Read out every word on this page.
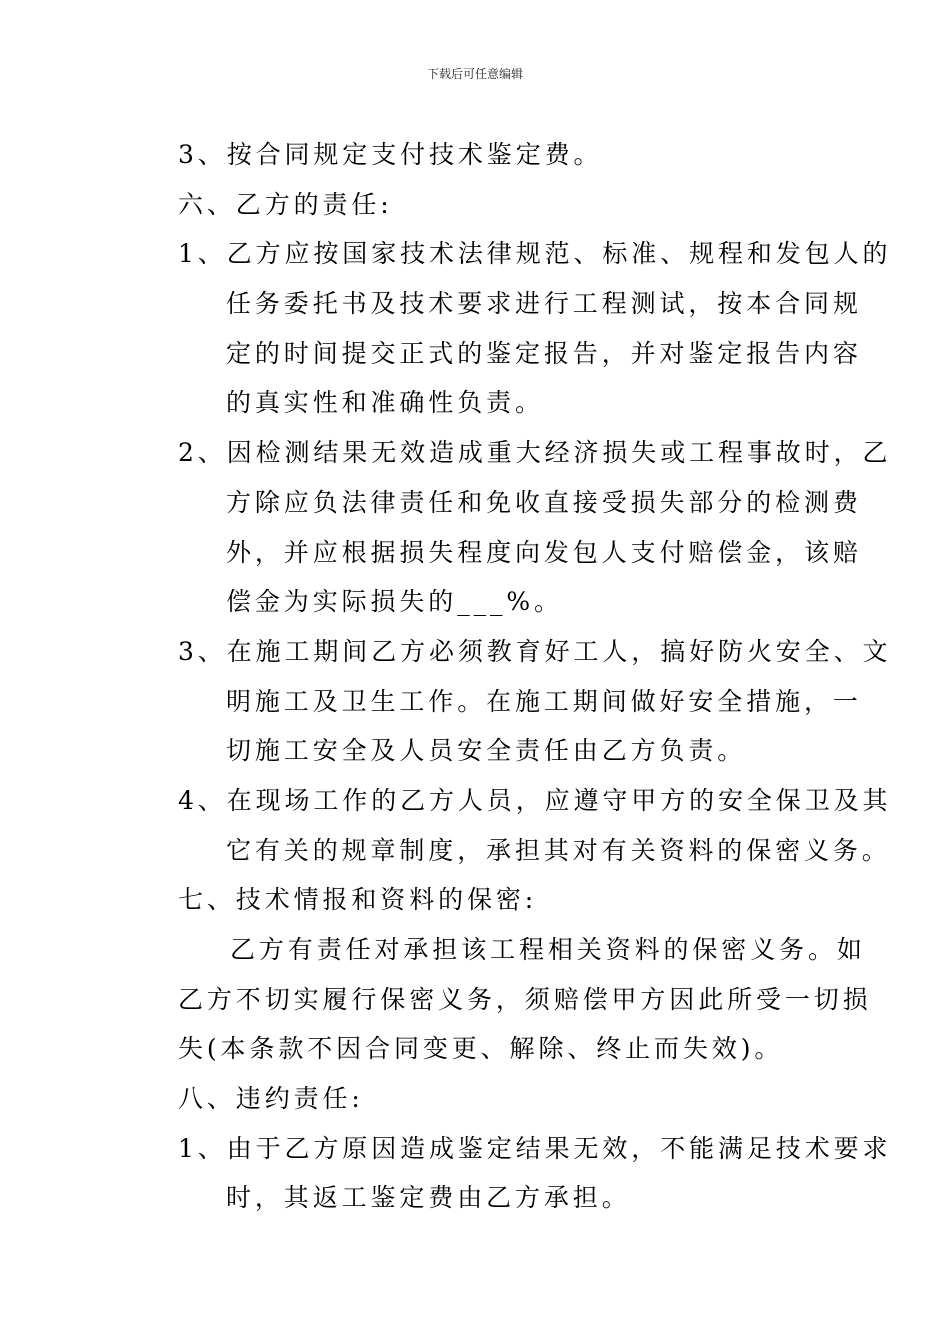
下载后可任意编辑
3、按合同规定支付技术鉴定费。
六、乙方的责任:
1、乙方应按国家技术法律规范、标准、规程和发包人的
任务委托书及技术要求进行工程测试，按本合同规
定的时间提交正式的鉴定报告，并对鉴定报告内容
的真实性和准确性负责。
2、因检测结果无效造成重大经济损失或工程事故时，乙
方除应负法律责任和免收直接受损失部分的检测费
外，并应根据损失程度向发包人支付赔偿金，该赔
偿金为实际损失的___%。
3、在施工期间乙方必须教育好工人，搞好防火安全、文
明施工及卫生工作。在施工期间做好安全措施，一
切施工安全及人员安全责任由乙方负责。
4、在现场工作的乙方人员，应遵守甲方的安全保卫及其
它有关的规章制度，承担其对有关资料的保密义务。
七、技术情报和资料的保密:
乙方有责任对承担该工程相关资料的保密义务。如
乙方不切实履行保密义务，须赔偿甲方因此所受一切损
失(本条款不因合同变更、解除、终止而失效)。
八、违约责任:
1、由于乙方原因造成鉴定结果无效，不能满足技术要求
时，其返工鉴定费由乙方承担。
